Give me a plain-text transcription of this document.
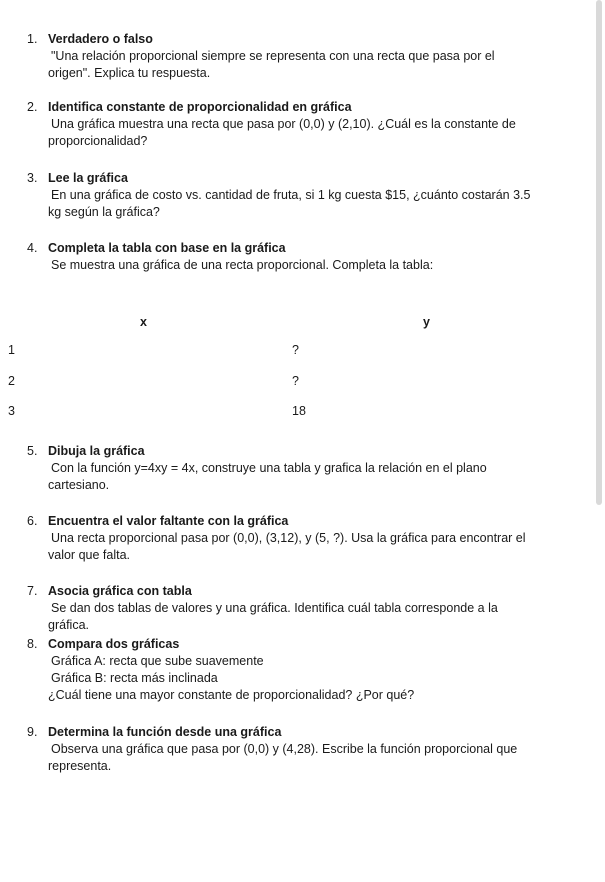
1. Verdadero o falso
"Una relación proporcional siempre se representa con una recta que pasa por el
origen". Explica tu respuesta.
2. Identifica constante de proporcionalidad en gráfica
Una gráfica muestra una recta que pasa por (0,0) y (2,10). ¿Cuál es la constante de
proporcionalidad?
3. Lee la gráfica
En una gráfica de costo vs. cantidad de fruta, si 1 kg cuesta $15, ¿cuánto costarán 3.5
kg según la gráfica?
4. Completa la tabla con base en la gráfica
Se muestra una gráfica de una recta proporcional. Completa la tabla:
x	y
1	?
2	?
3	18
5. Dibuja la gráfica
Con la función y=4xy = 4x, construye una tabla y grafica la relación en el plano
cartesiano.
6. Encuentra el valor faltante con la gráfica
Una recta proporcional pasa por (0,0), (3,12), y (5, ?). Usa la gráfica para encontrar el
valor que falta.
7. Asocia gráfica con tabla
Se dan dos tablas de valores y una gráfica. Identifica cuál tabla corresponde a la
gráfica.
8. Compara dos gráficas
Gráfica A: recta que sube suavemente
Gráfica B: recta más inclinada
¿Cuál tiene una mayor constante de proporcionalidad? ¿Por qué?
9. Determina la función desde una gráfica
Observa una gráfica que pasa por (0,0) y (4,28). Escribe la función proporcional que
representa.
